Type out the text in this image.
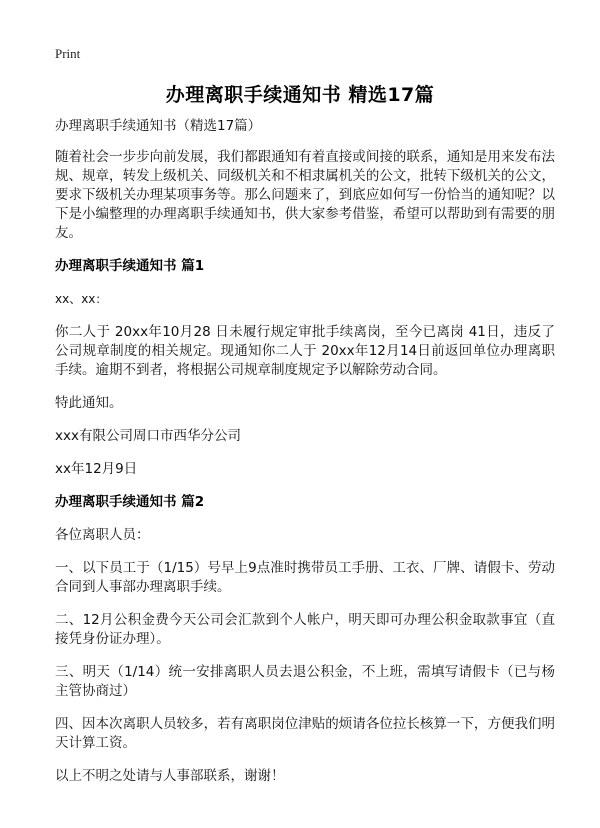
Print
办理离职手续通知书 精选17篇

办理离职手续通知书（精选17篇）

随着社会一步步向前发展，我们都跟通知有着直接或间接的联系，通知是用来发布法规、规章，转发上级机关、同级机关和不相隶属机关的公文，批转下级机关的公文，要求下级机关办理某项事务等。那么问题来了，到底应如何写一份恰当的通知呢？以下是小编整理的办理离职手续通知书，供大家参考借鉴，希望可以帮助到有需要的朋友。

办理离职手续通知书 篇1

xx、xx：

你二人于 20xx年10月28 日未履行规定审批手续离岗，至今已离岗 41日，违反了公司规章制度的相关规定。现通知你二人于 20xx年12月14日前返回单位办理离职手续。逾期不到者，将根据公司规章制度规定予以解除劳动合同。

特此通知。

xxx有限公司周口市西华分公司

xx年12月9日

办理离职手续通知书 篇2

各位离职人员：

一、以下员工于（1/15）号早上9点准时携带员工手册、工衣、厂牌、请假卡、劳动合同到人事部办理离职手续。

二、12月公积金费今天公司会汇款到个人帐户，明天即可办理公积金取款事宜（直接凭身份证办理）。

三、明天（1/14）统一安排离职人员去退公积金，不上班，需填写请假卡（已与杨主管协商过）

四、因本次离职人员较多，若有离职岗位津贴的烦请各位拉长核算一下，方便我们明天计算工资。

以上不明之处请与人事部联系，谢谢！
